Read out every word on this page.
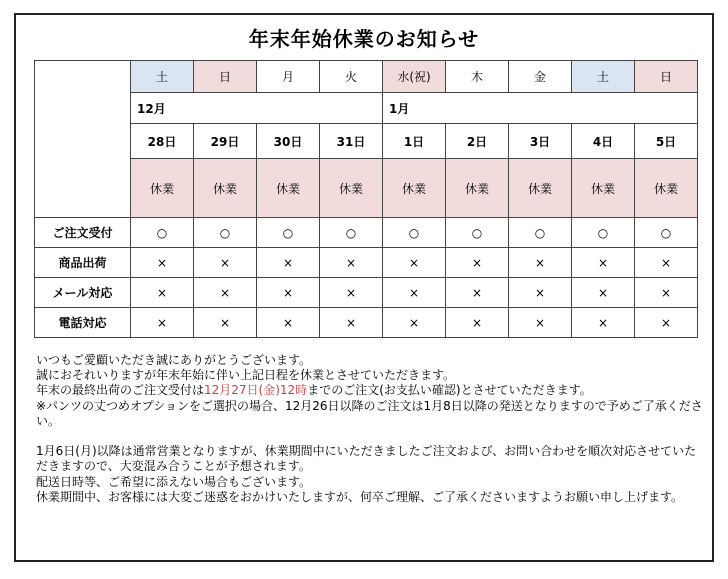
年末年始休業のお知らせ
	土	日	月	火	水(祝)	木	金	土	日
	12月				1月				
	28日	29日	30日	31日	1日	2日	3日	4日	5日
	休業	休業	休業	休業	休業	休業	休業	休業	休業
ご注文受付	○	○	○	○	○	○	○	○	○
商品出荷	×	×	×	×	×	×	×	×	×
メール対応	×	×	×	×	×	×	×	×	×
電話対応	×	×	×	×	×	×	×	×	×

いつもご愛顧いただき誠にありがとうございます。

誠におそれいりますが年末年始に伴い上記日程を休業とさせていただきます。

年末の最終出荷のご注文受付は12月27日(金)12時までのご注文(お支払い確認)とさせていただきます。

※パンツの丈つめオプションをご選択の場合、12月26日以降のご注文は1月8日以降の発送となりますので予めご了承ください。

1月6日(月)以降は通常営業となりますが、休業期間中にいただきましたご注文および、お問い合わせを順次対応させていただきますので、大変混み合うことが予想されます。

配送日時等、ご希望に添えない場合もございます。

休業期間中、お客様には大変ご迷惑をおかけいたしますが、何卒ご理解、ご了承くださいますようお願い申し上げます。
